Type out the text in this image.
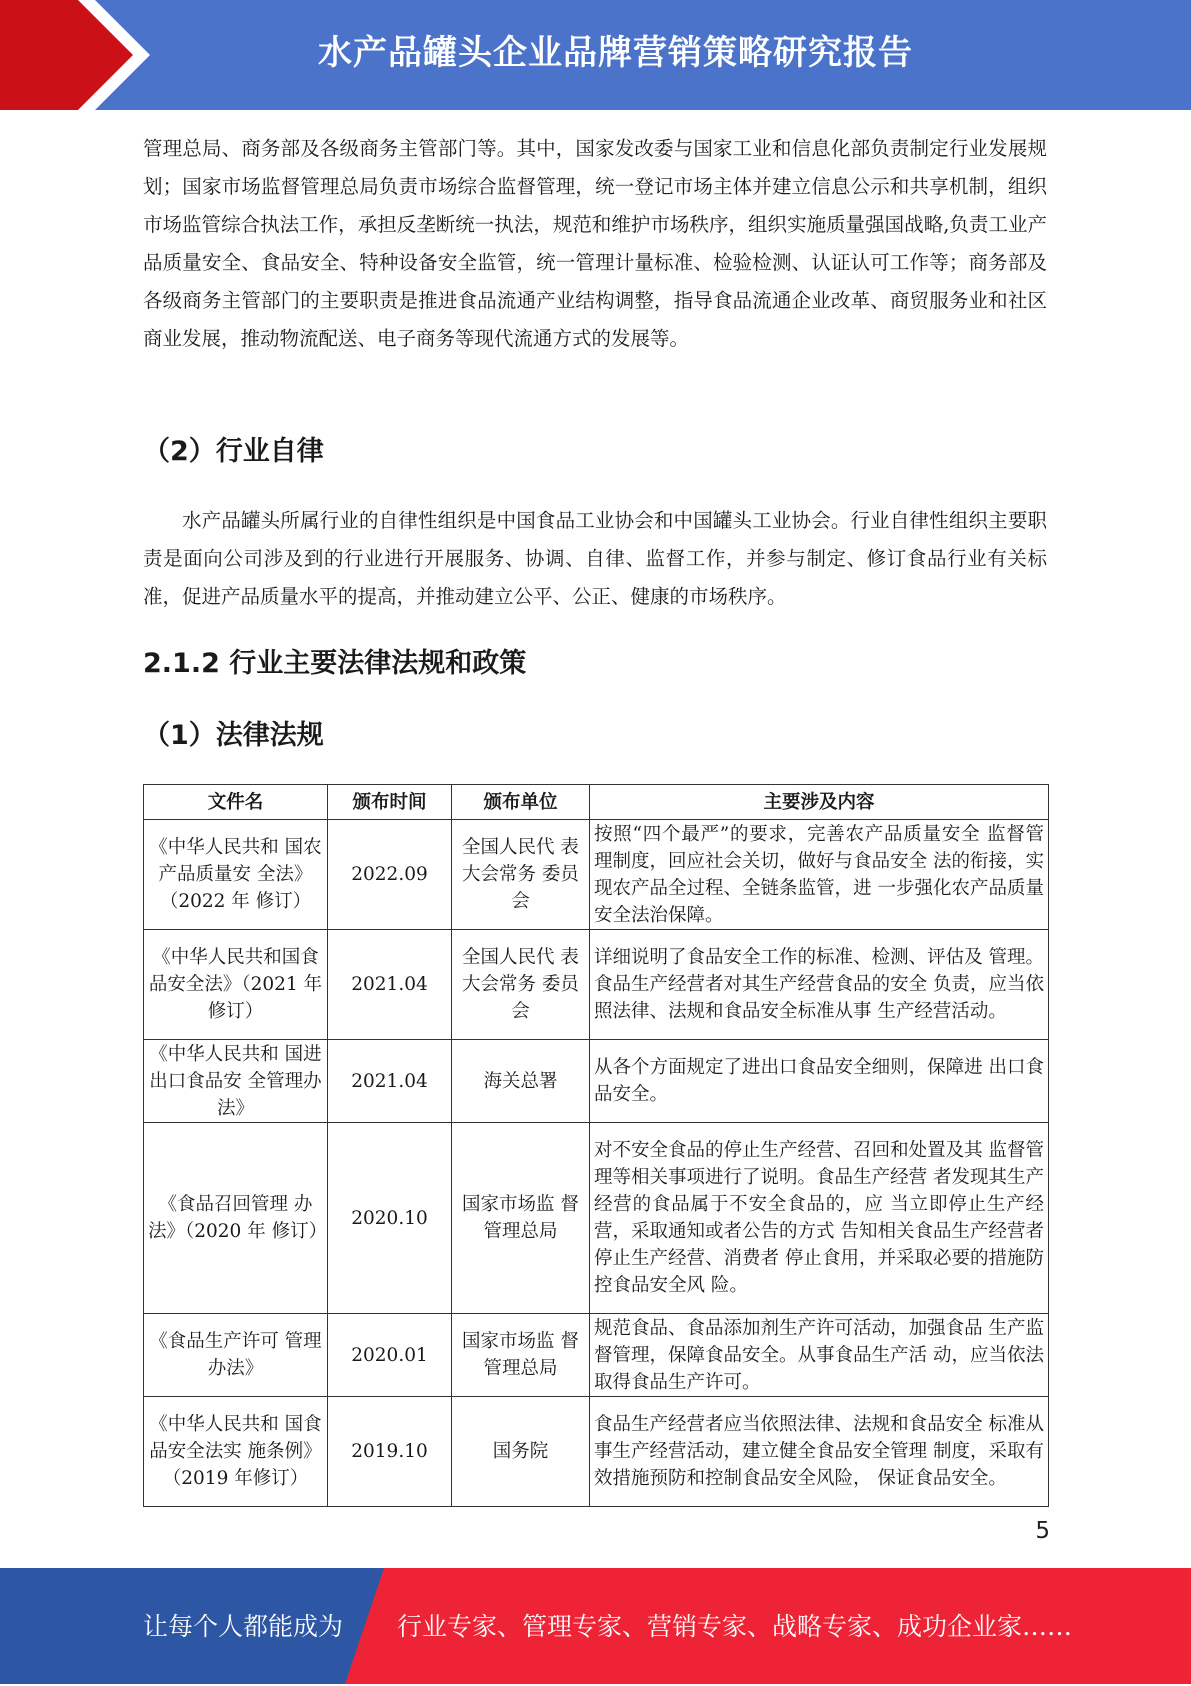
水产品罐头企业品牌营销策略研究报告

管理总局、商务部及各级商务主管部门等。其中，国家发改委与国家工业和信息化部负责制定行业发展规划；国家市场监督管理总局负责市场综合监督管理，统一登记市场主体并建立信息公示和共享机制，组织市场监管综合执法工作，承担反垄断统一执法，规范和维护市场秩序，组织实施质量强国战略,负责工业产品质量安全、食品安全、特种设备安全监管，统一管理计量标准、检验检测、认证认可工作等；商务部及各级商务主管部门的主要职责是推进食品流通产业结构调整，指导食品流通企业改革、商贸服务业和社区商业发展，推动物流配送、电子商务等现代流通方式的发展等。

（2）行业自律

水产品罐头所属行业的自律性组织是中国食品工业协会和中国罐头工业协会。行业自律性组织主要职责是面向公司涉及到的行业进行开展服务、协调、自律、监督工作，并参与制定、修订食品行业有关标准，促进产品质量水平的提高，并推动建立公平、公正、健康的市场秩序。

2.1.2 行业主要法律法规和政策
（1）法律法规
文件名	颁布时间	颁布单位	主要涉及内容
《中华人民共和 国农产品质量安 全法》（2022 年 修订）	2022.09	全国人民代 表大会常务 委员会	按照“四个最严”的要求，完善农产品质量安全 监督管理制度，回应社会关切，做好与食品安全 法的衔接，实现农产品全过程、全链条监管，进 一步强化农产品质量安全法治保障。
《中华人民共和国食品安全法》（2021 年修订）	2021.04	全国人民代 表大会常务 委员会	详细说明了食品安全工作的标准、检测、评估及 管理。食品生产经营者对其生产经营食品的安全 负责，应当依照法律、法规和食品安全标准从事 生产经营活动。
《中华人民共和 国进出口食品安 全管理办法》	2021.04	海关总署	从各个方面规定了进出口食品安全细则，保障进 出口食品安全。
《食品召回管理 办法》（2020 年 修订）	2020.10	国家市场监 督管理总局	对不安全食品的停止生产经营、召回和处置及其 监督管理等相关事项进行了说明。食品生产经营 者发现其生产经营的食品属于不安全食品的，应 当立即停止生产经营，采取通知或者公告的方式 告知相关食品生产经营者停止生产经营、消费者 停止食用，并采取必要的措施防控食品安全风 险。
《食品生产许可 管理办法》	2020.01	国家市场监 督管理总局	规范食品、食品添加剂生产许可活动，加强食品 生产监督管理，保障食品安全。从事食品生产活 动，应当依法取得食品生产许可。
《中华人民共和 国食品安全法实 施条例》（2019 年修订）	2019.10	国务院	食品生产经营者应当依照法律、法规和食品安全 标准从事生产经营活动，建立健全食品安全管理 制度，采取有效措施预防和控制食品安全风险， 保证食品安全。
5
让每个人都能成为 行业专家、管理专家、营销专家、战略专家、成功企业家……
